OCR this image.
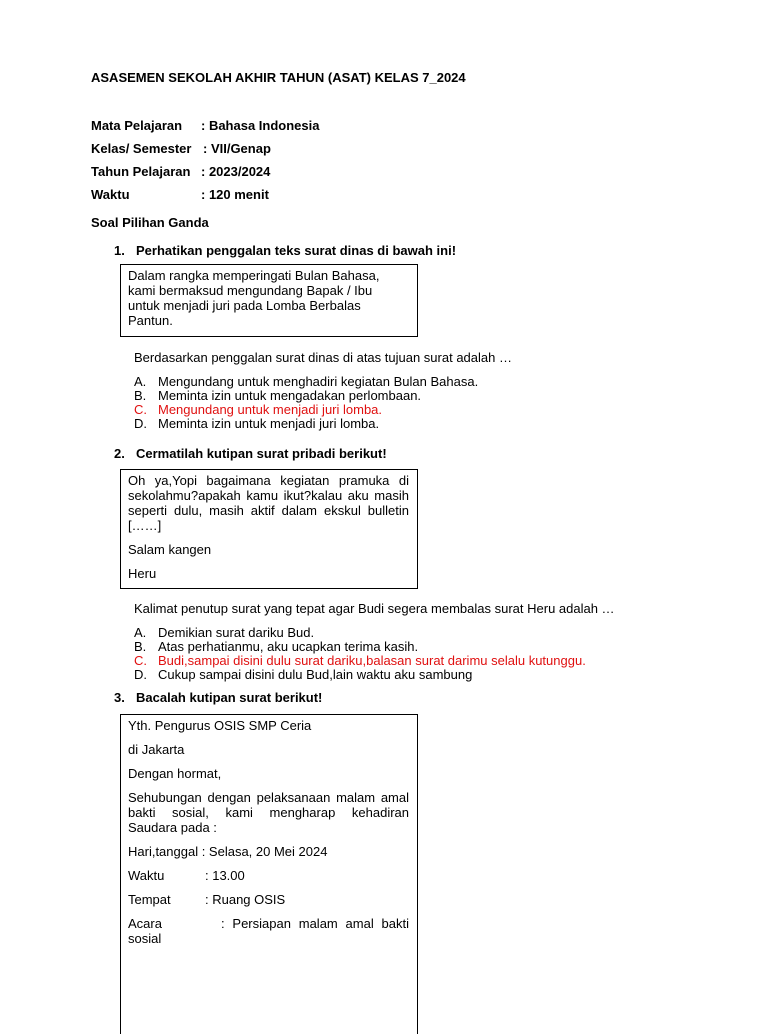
ASASEMEN SEKOLAH AKHIR TAHUN (ASAT) KELAS 7_2024
Mata Pelajaran : Bahasa Indonesia
Kelas/ Semester : VII/Genap
Tahun Pelajaran : 2023/2024
Waktu	: 120 menit
Soal Pilihan Ganda
1. Perhatikan penggalan teks surat dinas di bawah ini!

Dalam rangka memperingati Bulan Bahasa,

kami bermaksud mengundang Bapak / Ibu

untuk menjadi juri pada Lomba Berbalas

Pantun.

Berdasarkan penggalan surat dinas di atas tujuan surat adalah …
A. Mengundang untuk menghadiri kegiatan Bulan Bahasa.
B. Meminta izin untuk mengadakan perlombaan.
C. Mengundang untuk menjadi juri lomba.
D. Meminta izin untuk menjadi juri lomba.
2. Cermatilah kutipan surat pribadi berikut!

Oh ya,Yopi bagaimana kegiatan pramuka di sekolahmu?apakah kamu ikut?kalau aku masih seperti dulu, masih aktif dalam ekskul bulletin [……]

Salam kangen

Heru

Kalimat penutup surat yang tepat agar Budi segera membalas surat Heru adalah …
A. Demikian surat dariku Bud.
B. Atas perhatianmu, aku ucapkan terima kasih.
C. Budi,sampai disini dulu surat dariku,balasan surat darimu selalu kutunggu.
D. Cukup sampai disini dulu Bud,lain waktu aku sambung
3. Bacalah kutipan surat berikut!

Yth. Pengurus OSIS SMP Ceria

di Jakarta

Dengan hormat,

Sehubungan dengan pelaksanaan malam amal bakti sosial, kami mengharap kehadiran Saudara pada :

Hari,tanggal : Selasa, 20 Mei 2024

Waktu	: 13.00

Tempat	: Ruang OSIS

Acara	: Persiapan malam amal bakti sosial
